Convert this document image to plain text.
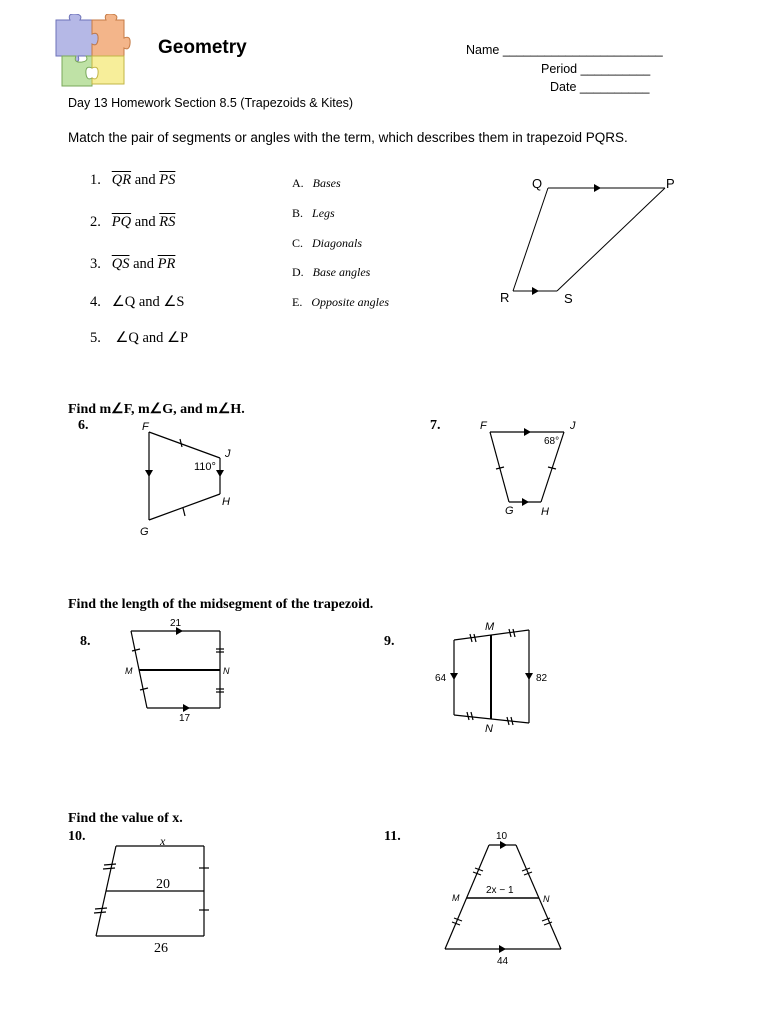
Geometry	Name _______________________
Period __________
Date __________
Day 13 Homework Section 8.5 (Trapezoids & Kites)
Match the pair of segments or angles with the term, which describes them in trapezoid PQRS.
1. $\overline{QR}$ and $\overline{PS}$
2. $\overline{PQ}$ and $\overline{RS}$
3. $\overline{QS}$ and $\overline{PR}$
4. ∠Q and ∠S
5. ∠Q and ∠P
A. Bases
B. Legs
C. Diagonals
D. Base angles
E. Opposite angles
Q	P
R	S
Find m∠F, m∠G, and m∠H.
6.	7.
F
J
H
G
110°
F	J
68°
G H
Find the length of the midsegment of the trapezoid.
8.	9.
21
17
M	N
M
N
64	82
Find the value of x.
10.	11.
x
20
26
10
2x − 1
44
M	N
